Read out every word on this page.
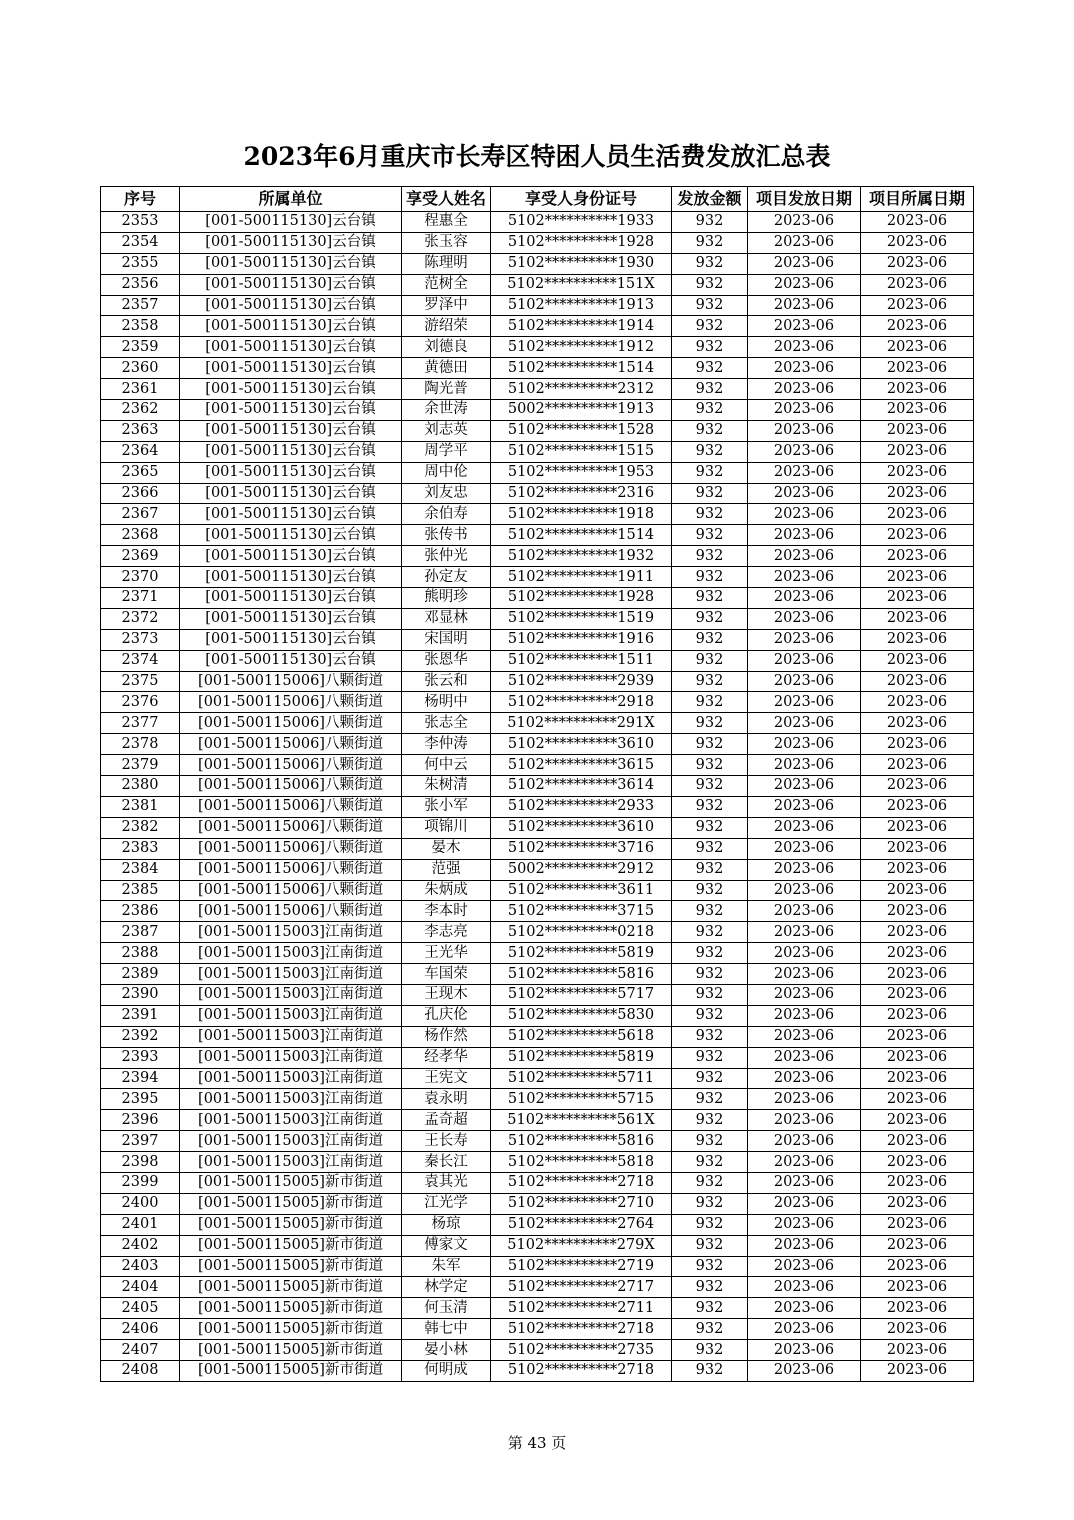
2023年6月重庆市长寿区特困人员生活费发放汇总表
序号	所属单位	享受人姓名	享受人身份证号	发放金额	项目发放日期	项目所属日期
2353	[001-500115130]云台镇	程惠全	5102**********1933	932	2023-06	2023-06
2354	[001-500115130]云台镇	张玉容	5102**********1928	932	2023-06	2023-06
2355	[001-500115130]云台镇	陈理明	5102**********1930	932	2023-06	2023-06
2356	[001-500115130]云台镇	范树全	5102**********151X	932	2023-06	2023-06
2357	[001-500115130]云台镇	罗泽中	5102**********1913	932	2023-06	2023-06
2358	[001-500115130]云台镇	游绍荣	5102**********1914	932	2023-06	2023-06
2359	[001-500115130]云台镇	刘德良	5102**********1912	932	2023-06	2023-06
2360	[001-500115130]云台镇	黄德田	5102**********1514	932	2023-06	2023-06
2361	[001-500115130]云台镇	陶光普	5102**********2312	932	2023-06	2023-06
2362	[001-500115130]云台镇	余世涛	5002**********1913	932	2023-06	2023-06
2363	[001-500115130]云台镇	刘志英	5102**********1528	932	2023-06	2023-06
2364	[001-500115130]云台镇	周学平	5102**********1515	932	2023-06	2023-06
2365	[001-500115130]云台镇	周中伦	5102**********1953	932	2023-06	2023-06
2366	[001-500115130]云台镇	刘友忠	5102**********2316	932	2023-06	2023-06
2367	[001-500115130]云台镇	余伯寿	5102**********1918	932	2023-06	2023-06
2368	[001-500115130]云台镇	张传书	5102**********1514	932	2023-06	2023-06
2369	[001-500115130]云台镇	张仲光	5102**********1932	932	2023-06	2023-06
2370	[001-500115130]云台镇	孙定友	5102**********1911	932	2023-06	2023-06
2371	[001-500115130]云台镇	熊明珍	5102**********1928	932	2023-06	2023-06
2372	[001-500115130]云台镇	邓显林	5102**********1519	932	2023-06	2023-06
2373	[001-500115130]云台镇	宋国明	5102**********1916	932	2023-06	2023-06
2374	[001-500115130]云台镇	张恩华	5102**********1511	932	2023-06	2023-06
2375	[001-500115006]八颗街道	张云和	5102**********2939	932	2023-06	2023-06
2376	[001-500115006]八颗街道	杨明中	5102**********2918	932	2023-06	2023-06
2377	[001-500115006]八颗街道	张志全	5102**********291X	932	2023-06	2023-06
2378	[001-500115006]八颗街道	李仲涛	5102**********3610	932	2023-06	2023-06
2379	[001-500115006]八颗街道	何中云	5102**********3615	932	2023-06	2023-06
2380	[001-500115006]八颗街道	朱树清	5102**********3614	932	2023-06	2023-06
2381	[001-500115006]八颗街道	张小军	5102**********2933	932	2023-06	2023-06
2382	[001-500115006]八颗街道	项锦川	5102**********3610	932	2023-06	2023-06
2383	[001-500115006]八颗街道	晏木	5102**********3716	932	2023-06	2023-06
2384	[001-500115006]八颗街道	范强	5002**********2912	932	2023-06	2023-06
2385	[001-500115006]八颗街道	朱炳成	5102**********3611	932	2023-06	2023-06
2386	[001-500115006]八颗街道	李本时	5102**********3715	932	2023-06	2023-06
2387	[001-500115003]江南街道	李志亮	5102**********0218	932	2023-06	2023-06
2388	[001-500115003]江南街道	王光华	5102**********5819	932	2023-06	2023-06
2389	[001-500115003]江南街道	车国荣	5102**********5816	932	2023-06	2023-06
2390	[001-500115003]江南街道	王现木	5102**********5717	932	2023-06	2023-06
2391	[001-500115003]江南街道	孔庆伦	5102**********5830	932	2023-06	2023-06
2392	[001-500115003]江南街道	杨作然	5102**********5618	932	2023-06	2023-06
2393	[001-500115003]江南街道	经孝华	5102**********5819	932	2023-06	2023-06
2394	[001-500115003]江南街道	王宪文	5102**********5711	932	2023-06	2023-06
2395	[001-500115003]江南街道	袁永明	5102**********5715	932	2023-06	2023-06
2396	[001-500115003]江南街道	孟奇超	5102**********561X	932	2023-06	2023-06
2397	[001-500115003]江南街道	王长寿	5102**********5816	932	2023-06	2023-06
2398	[001-500115003]江南街道	秦长江	5102**********5818	932	2023-06	2023-06
2399	[001-500115005]新市街道	袁其光	5102**********2718	932	2023-06	2023-06
2400	[001-500115005]新市街道	江光学	5102**********2710	932	2023-06	2023-06
2401	[001-500115005]新市街道	杨琼	5102**********2764	932	2023-06	2023-06
2402	[001-500115005]新市街道	傅家文	5102**********279X	932	2023-06	2023-06
2403	[001-500115005]新市街道	朱军	5102**********2719	932	2023-06	2023-06
2404	[001-500115005]新市街道	林学定	5102**********2717	932	2023-06	2023-06
2405	[001-500115005]新市街道	何玉清	5102**********2711	932	2023-06	2023-06
2406	[001-500115005]新市街道	韩七中	5102**********2718	932	2023-06	2023-06
2407	[001-500115005]新市街道	晏小林	5102**********2735	932	2023-06	2023-06
2408	[001-500115005]新市街道	何明成	5102**********2718	932	2023-06	2023-06
第 43 页
